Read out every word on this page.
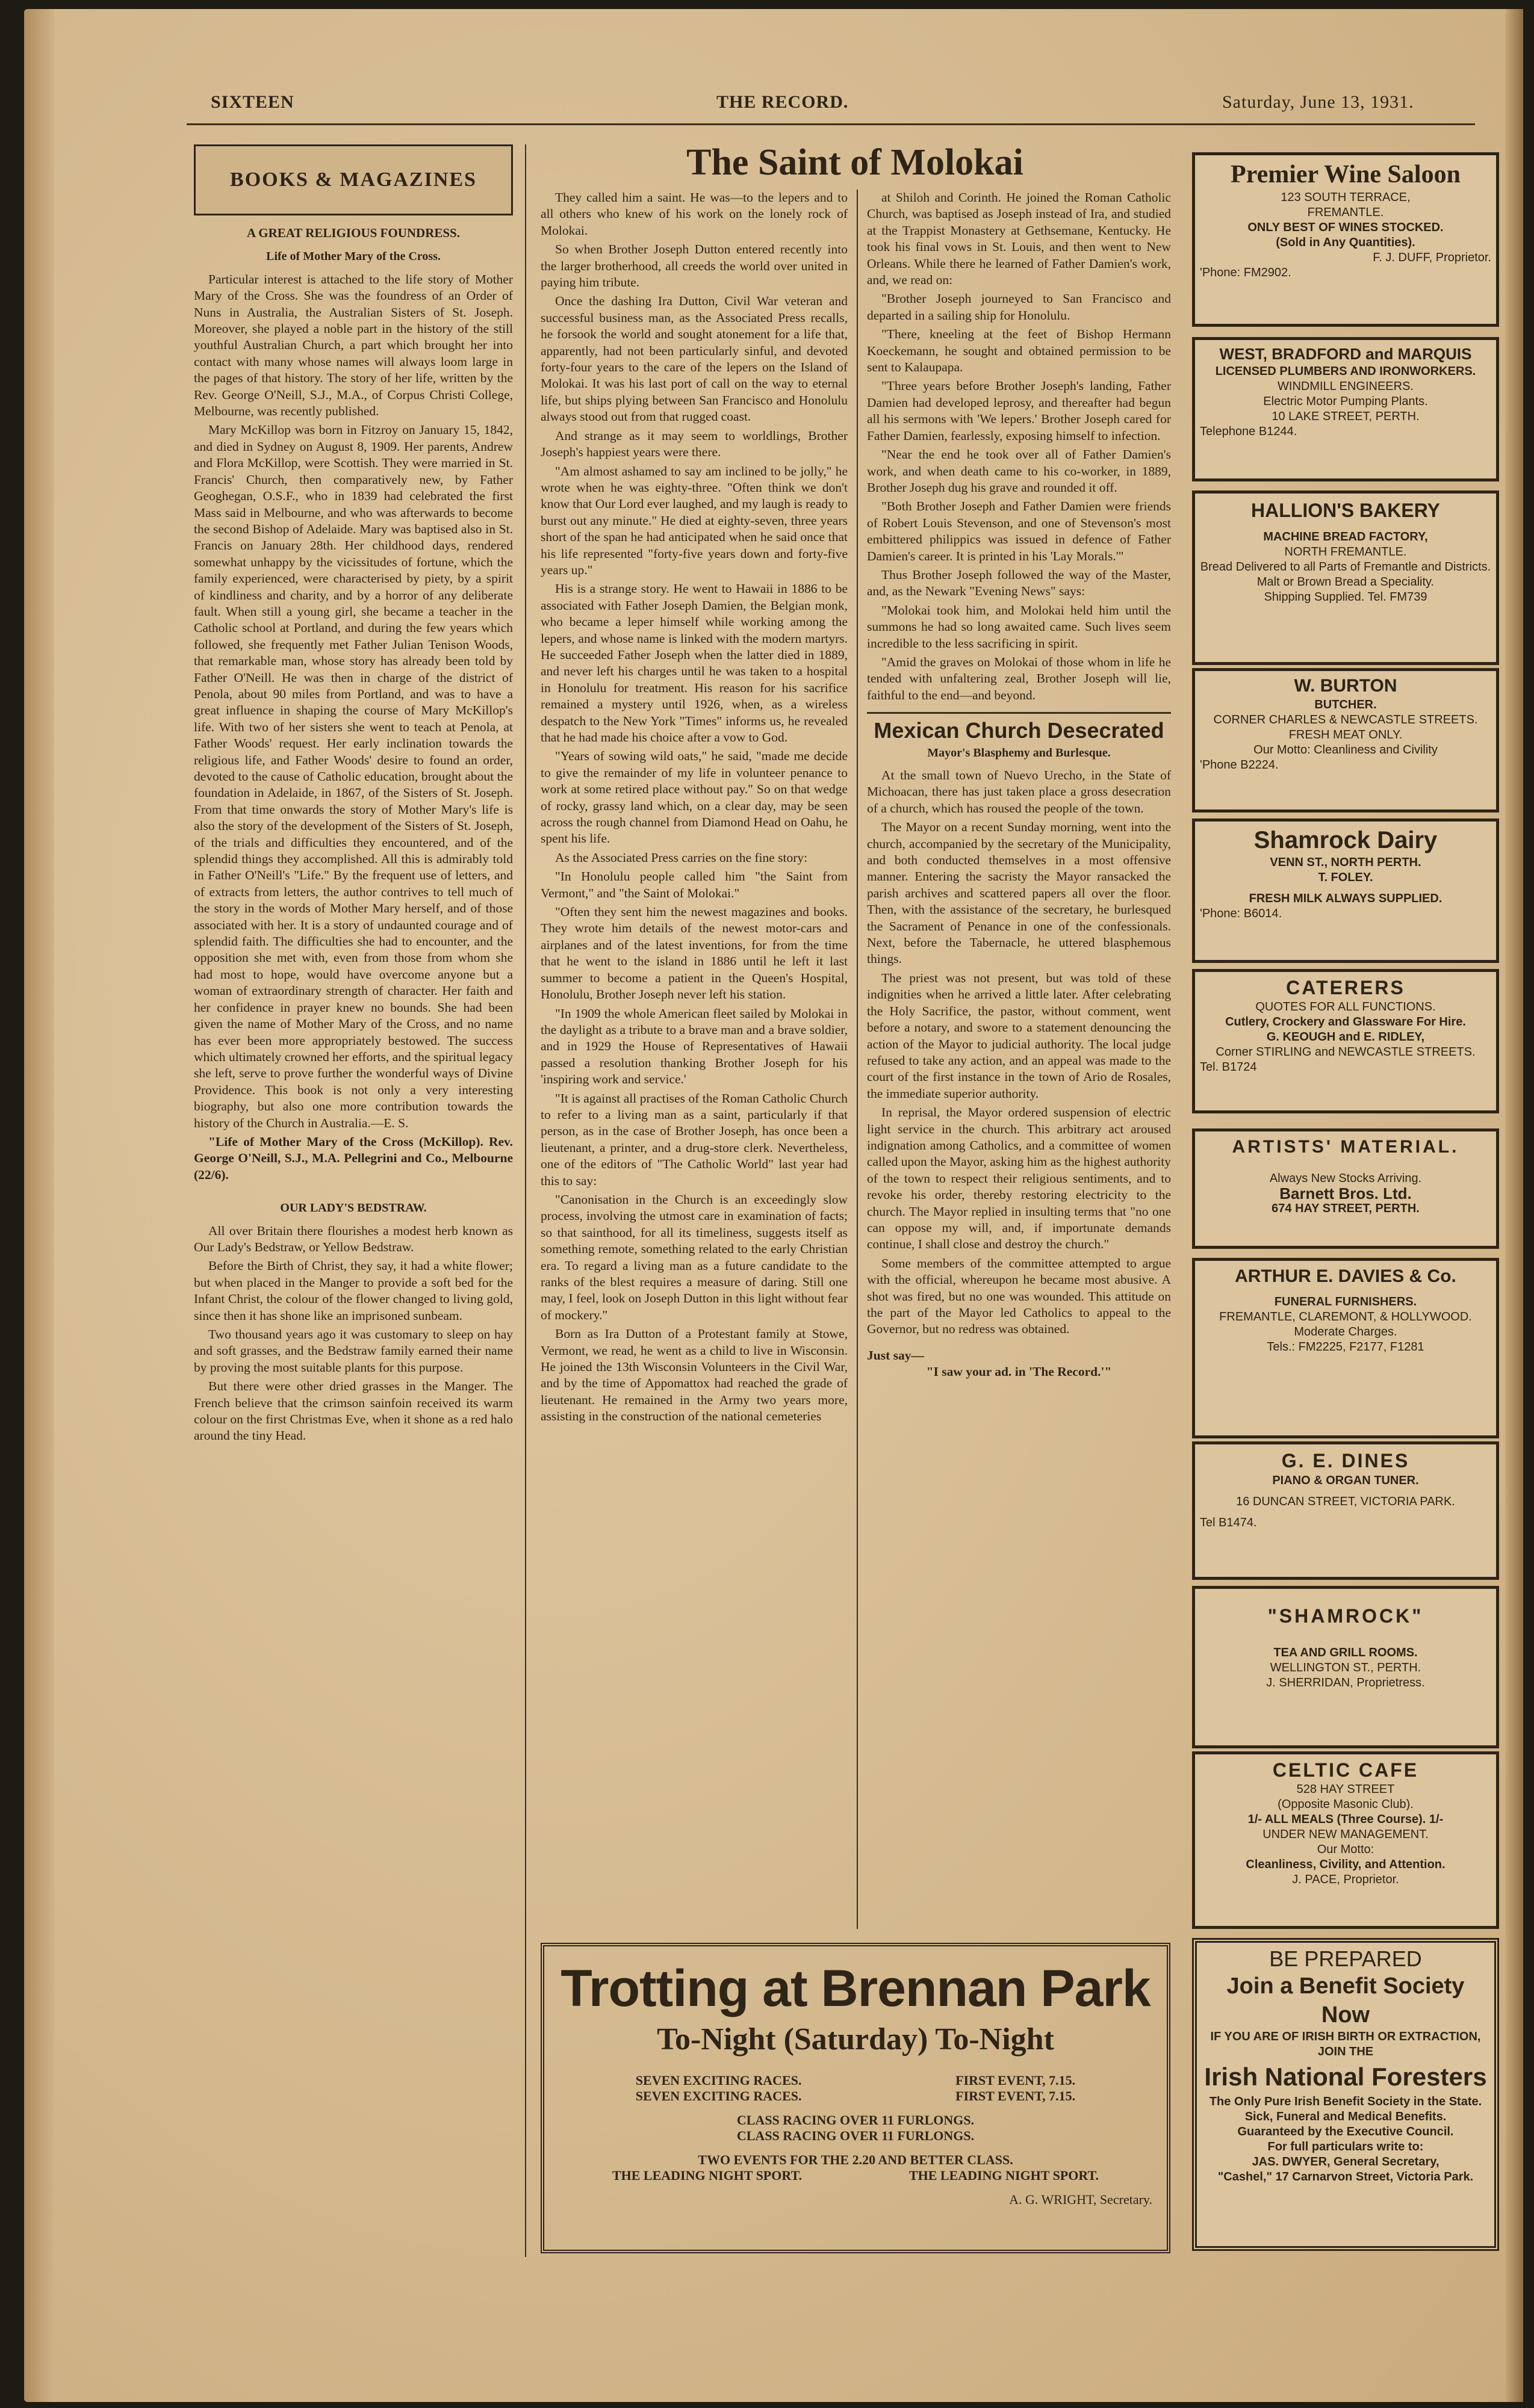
SIXTEEN	THE RECORD.	Saturday, June 13, 1931.
BOOKS & MAGAZINES
A GREAT RELIGIOUS FOUNDRESS.
Life of Mother Mary of the Cross.

Particular interest is attached to the life story of Mother Mary of the Cross. She was the foundress of an Order of Nuns in Australia, the Australian Sisters of St. Joseph. Moreover, she played a noble part in the history of the still youthful Australian Church, a part which brought her into contact with many whose names will always loom large in the pages of that history. The story of her life, written by the Rev. George O'Neill, S.J., M.A., of Corpus Christi College, Melbourne, was recently published.

Mary McKillop was born in Fitzroy on January 15, 1842, and died in Sydney on August 8, 1909. Her parents, Andrew and Flora McKillop, were Scottish. They were married in St. Francis' Church, then comparatively new, by Father Geoghegan, O.S.F., who in 1839 had celebrated the first Mass said in Melbourne, and who was afterwards to become the second Bishop of Adelaide. Mary was baptised also in St. Francis on January 28th. Her childhood days, rendered somewhat unhappy by the vicissitudes of fortune, which the family experienced, were characterised by piety, by a spirit of kindliness and charity, and by a horror of any deliberate fault. When still a young girl, she became a teacher in the Catholic school at Portland, and during the few years which followed, she frequently met Father Julian Tenison Woods, that remarkable man, whose story has already been told by Father O'Neill. He was then in charge of the district of Penola, about 90 miles from Portland, and was to have a great influence in shaping the course of Mary McKillop's life. With two of her sisters she went to teach at Penola, at Father Woods' request. Her early inclination towards the religious life, and Father Woods' desire to found an order, devoted to the cause of Catholic education, brought about the foundation in Adelaide, in 1867, of the Sisters of St. Joseph. From that time onwards the story of Mother Mary's life is also the story of the development of the Sisters of St. Joseph, of the trials and difficulties they encountered, and of the splendid things they accomplished. All this is admirably told in Father O'Neill's "Life." By the frequent use of letters, and of extracts from letters, the author contrives to tell much of the story in the words of Mother Mary herself, and of those associated with her. It is a story of undaunted courage and of splendid faith. The difficulties she had to encounter, and the opposition she met with, even from those from whom she had most to hope, would have overcome anyone but a woman of extraordinary strength of character. Her faith and her confidence in prayer knew no bounds. She had been given the name of Mother Mary of the Cross, and no name has ever been more appropriately bestowed. The success which ultimately crowned her efforts, and the spiritual legacy she left, serve to prove further the wonderful ways of Divine Providence. This book is not only a very interesting biography, but also one more contribution towards the history of the Church in Australia.—E. S.

"Life of Mother Mary of the Cross (McKillop). Rev. George O'Neill, S.J., M.A. Pellegrini and Co., Melbourne (22/6).

OUR LADY'S BEDSTRAW.

All over Britain there flourishes a modest herb known as Our Lady's Bedstraw, or Yellow Bedstraw.

Before the Birth of Christ, they say, it had a white flower; but when placed in the Manger to provide a soft bed for the Infant Christ, the colour of the flower changed to living gold, since then it has shone like an imprisoned sunbeam.

Two thousand years ago it was customary to sleep on hay and soft grasses, and the Bedstraw family earned their name by proving the most suitable plants for this purpose.

But there were other dried grasses in the Manger. The French believe that the crimson sainfoin received its warm colour on the first Christmas Eve, when it shone as a red halo around the tiny Head.

The Saint of Molokai

They called him a saint. He was—to the lepers and to all others who knew of his work on the lonely rock of Molokai.

So when Brother Joseph Dutton entered recently into the larger brotherhood, all creeds the world over united in paying him tribute.

Once the dashing Ira Dutton, Civil War veteran and successful business man, as the Associated Press recalls, he forsook the world and sought atonement for a life that, apparently, had not been particularly sinful, and devoted forty-four years to the care of the lepers on the Island of Molokai. It was his last port of call on the way to eternal life, but ships plying between San Francisco and Honolulu always stood out from that rugged coast.

And strange as it may seem to worldlings, Brother Joseph's happiest years were there.

"Am almost ashamed to say am inclined to be jolly," he wrote when he was eighty-three. "Often think we don't know that Our Lord ever laughed, and my laugh is ready to burst out any minute." He died at eighty-seven, three years short of the span he had anticipated when he said once that his life represented "forty-five years down and forty-five years up."

His is a strange story. He went to Hawaii in 1886 to be associated with Father Joseph Damien, the Belgian monk, who became a leper himself while working among the lepers, and whose name is linked with the modern martyrs. He succeeded Father Joseph when the latter died in 1889, and never left his charges until he was taken to a hospital in Honolulu for treatment. His reason for his sacrifice remained a mystery until 1926, when, as a wireless despatch to the New York "Times" informs us, he revealed that he had made his choice after a vow to God.

"Years of sowing wild oats," he said, "made me decide to give the remainder of my life in volunteer penance to work at some retired place without pay." So on that wedge of rocky, grassy land which, on a clear day, may be seen across the rough channel from Diamond Head on Oahu, he spent his life.

As the Associated Press carries on the fine story:

"In Honolulu people called him "the Saint from Vermont," and "the Saint of Molokai."

"Often they sent him the newest magazines and books. They wrote him details of the newest motor-cars and airplanes and of the latest inventions, for from the time that he went to the island in 1886 until he left it last summer to become a patient in the Queen's Hospital, Honolulu, Brother Joseph never left his station.

"In 1909 the whole American fleet sailed by Molokai in the daylight as a tribute to a brave man and a brave soldier, and in 1929 the House of Representatives of Hawaii passed a resolution thanking Brother Joseph for his 'inspiring work and service.'

"It is against all practises of the Roman Catholic Church to refer to a living man as a saint, particularly if that person, as in the case of Brother Joseph, has once been a lieutenant, a printer, and a drug-store clerk. Nevertheless, one of the editors of "The Catholic World" last year had this to say:

"Canonisation in the Church is an exceedingly slow process, involving the utmost care in examination of facts; so that sainthood, for all its timeliness, suggests itself as something remote, something related to the early Christian era. To regard a living man as a future candidate to the ranks of the blest requires a measure of daring. Still one may, I feel, look on Joseph Dutton in this light without fear of mockery."

Born as Ira Dutton of a Protestant family at Stowe, Vermont, we read, he went as a child to live in Wisconsin. He joined the 13th Wisconsin Volunteers in the Civil War, and by the time of Appomattox had reached the grade of lieutenant. He remained in the Army two years more, assisting in the construction of the national cemeteries

at Shiloh and Corinth. He joined the Roman Catholic Church, was baptised as Joseph instead of Ira, and studied at the Trappist Monastery at Gethsemane, Kentucky. He took his final vows in St. Louis, and then went to New Orleans. While there he learned of Father Damien's work, and, we read on:

"Brother Joseph journeyed to San Francisco and departed in a sailing ship for Honolulu.

"There, kneeling at the feet of Bishop Hermann Koeckemann, he sought and obtained permission to be sent to Kalaupapa.

"Three years before Brother Joseph's landing, Father Damien had developed leprosy, and thereafter had begun all his sermons with 'We lepers.' Brother Joseph cared for Father Damien, fearlessly, exposing himself to infection.

"Near the end he took over all of Father Damien's work, and when death came to his co-worker, in 1889, Brother Joseph dug his grave and rounded it off.

"Both Brother Joseph and Father Damien were friends of Robert Louis Stevenson, and one of Stevenson's most embittered philippics was issued in defence of Father Damien's career. It is printed in his 'Lay Morals.'"

Thus Brother Joseph followed the way of the Master, and, as the Newark "Evening News" says:

"Molokai took him, and Molokai held him until the summons he had so long awaited came. Such lives seem incredible to the less sacrificing in spirit.

"Amid the graves on Molokai of those whom in life he tended with unfaltering zeal, Brother Joseph will lie, faithful to the end—and beyond.

Mexican Church Desecrated
Mayor's Blasphemy and Burlesque.

At the small town of Nuevo Urecho, in the State of Michoacan, there has just taken place a gross desecration of a church, which has roused the people of the town.

The Mayor on a recent Sunday morning, went into the church, accompanied by the secretary of the Municipality, and both conducted themselves in a most offensive manner. Entering the sacristy the Mayor ransacked the parish archives and scattered papers all over the floor. Then, with the assistance of the secretary, he burlesqued the Sacrament of Penance in one of the confessionals. Next, before the Tabernacle, he uttered blasphemous things.

The priest was not present, but was told of these indignities when he arrived a little later. After celebrating the Holy Sacrifice, the pastor, without comment, went before a notary, and swore to a statement denouncing the action of the Mayor to judicial authority. The local judge refused to take any action, and an appeal was made to the court of the first instance in the town of Ario de Rosales, the immediate superior authority.

In reprisal, the Mayor ordered suspension of electric light service in the church. This arbitrary act aroused indignation among Catholics, and a committee of women called upon the Mayor, asking him as the highest authority of the town to respect their religious sentiments, and to revoke his order, thereby restoring electricity to the church. The Mayor replied in insulting terms that "no one can oppose my will, and, if importunate demands continue, I shall close and destroy the church."

Some members of the committee attempted to argue with the official, whereupon he became most abusive. A shot was fired, but no one was wounded. This attitude on the part of the Mayor led Catholics to appeal to the Governor, but no redress was obtained.

Just say—
"I saw your ad. in 'The Record.'"
Trotting at Brennan Park
To-Night (Saturday) To-Night
SEVEN EXCITING RACES.	FIRST EVENT, 7.15.
SEVEN EXCITING RACES.	FIRST EVENT, 7.15.
CLASS RACING OVER 11 FURLONGS.
CLASS RACING OVER 11 FURLONGS.
TWO EVENTS FOR THE 2.20 AND BETTER CLASS.
THE LEADING NIGHT SPORT.	THE LEADING NIGHT SPORT.
A. G. WRIGHT, Secretary.
Premier Wine Saloon
123 SOUTH TERRACE,
FREMANTLE.
ONLY BEST OF WINES STOCKED.
(Sold in Any Quantities).
F. J. DUFF, Proprietor.
'Phone: FM2902.
WEST, BRADFORD and MARQUIS
LICENSED PLUMBERS AND IRONWORKERS.
WINDMILL ENGINEERS.
Electric Motor Pumping Plants.
10 LAKE STREET, PERTH.
Telephone B1244.
HALLION'S BAKERY
MACHINE BREAD FACTORY,
NORTH FREMANTLE.
Bread Delivered to all Parts of Fremantle and Districts.
Malt or Brown Bread a Speciality.
Shipping Supplied. Tel. FM739
W. BURTON
BUTCHER.
CORNER CHARLES & NEWCASTLE STREETS.
FRESH MEAT ONLY.
Our Motto: Cleanliness and Civility
'Phone B2224.
Shamrock Dairy
VENN ST., NORTH PERTH.
T. FOLEY.
FRESH MILK ALWAYS SUPPLIED.
'Phone: B6014.
CATERERS
QUOTES FOR ALL FUNCTIONS.
Cutlery, Crockery and Glassware For Hire.
G. KEOUGH and E. RIDLEY,
Corner STIRLING and NEWCASTLE STREETS.
Tel. B1724
ARTISTS' MATERIAL.
Always New Stocks Arriving.
Barnett Bros. Ltd.
674 HAY STREET, PERTH.
ARTHUR E. DAVIES & Co.
FUNERAL FURNISHERS.
FREMANTLE, CLAREMONT, & HOLLYWOOD.
Moderate Charges.
Tels.: FM2225, F2177, F1281
G. E. DINES
PIANO & ORGAN TUNER.
16 DUNCAN STREET, VICTORIA PARK.
Tel B1474.
"SHAMROCK"
TEA AND GRILL ROOMS.
WELLINGTON ST., PERTH.
J. SHERRIDAN, Proprietress.
CELTIC CAFE
528 HAY STREET
(Opposite Masonic Club).
1/- ALL MEALS (Three Course). 1/-
UNDER NEW MANAGEMENT.
Our Motto:
Cleanliness, Civility, and Attention.
J. PACE, Proprietor.
BE PREPARED
Join a Benefit Society Now
IF YOU ARE OF IRISH BIRTH OR EXTRACTION, JOIN THE
Irish National Foresters
The Only Pure Irish Benefit Society in the State.
Sick, Funeral and Medical Benefits.
Guaranteed by the Executive Council.
For full particulars write to:
JAS. DWYER, General Secretary,
"Cashel," 17 Carnarvon Street, Victoria Park.
